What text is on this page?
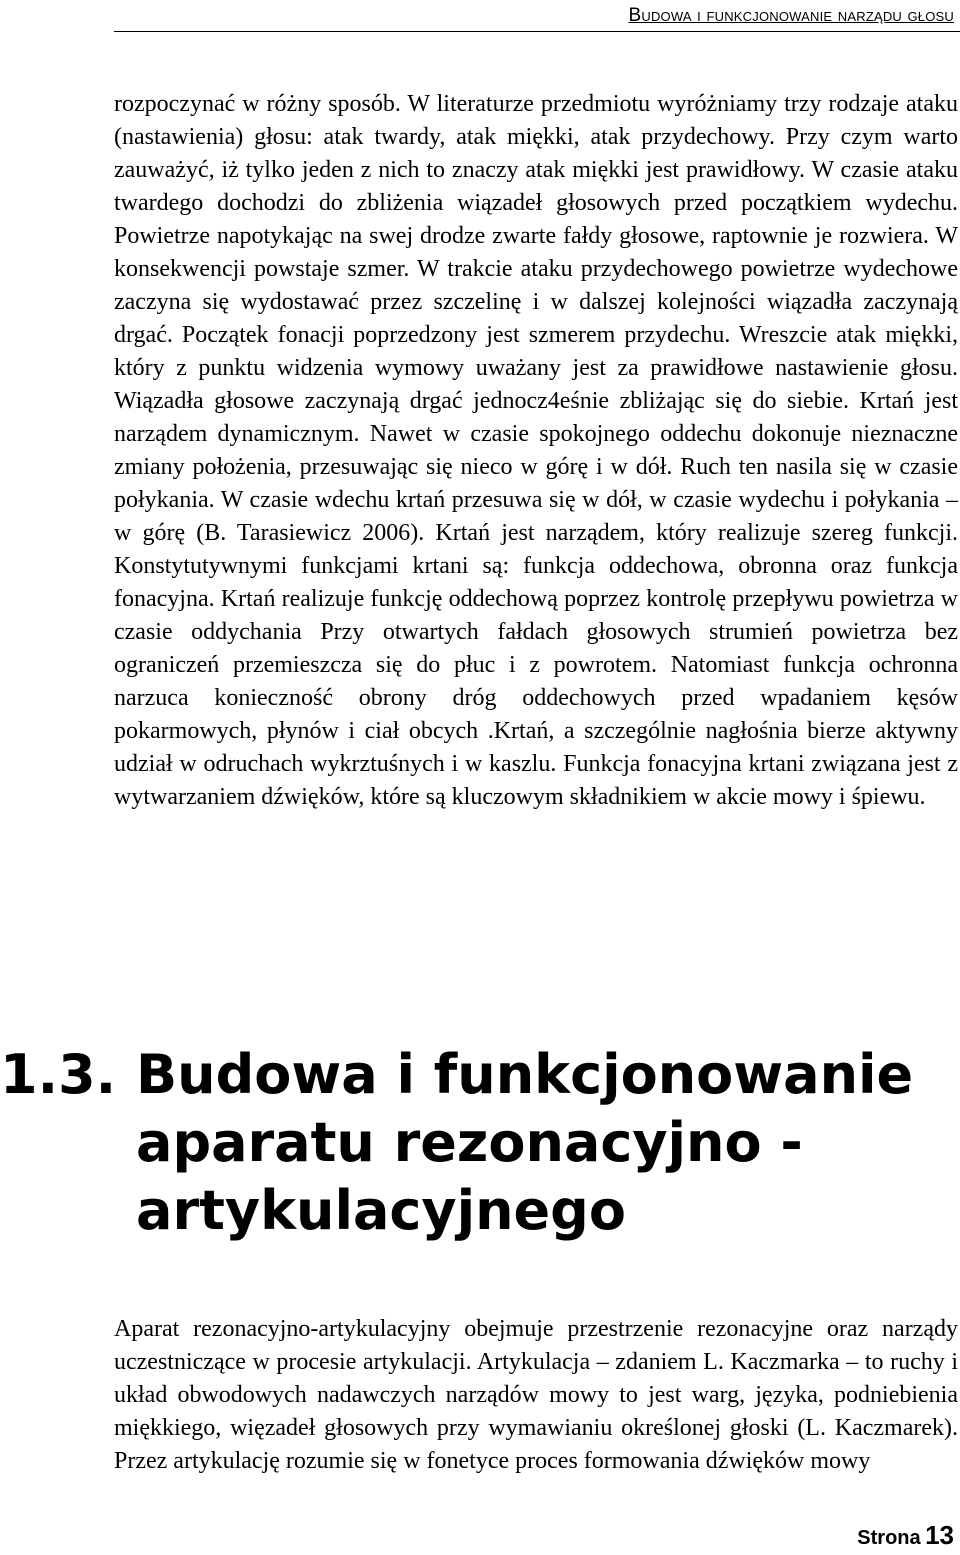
Budowa i funkcjonowanie narządu głosu

rozpoczynać w różny sposób. W literaturze przedmiotu wyróżniamy trzy rodzaje ataku (nastawienia) głosu: atak twardy, atak miękki, atak przydechowy. Przy czym warto zauważyć, iż tylko jeden z nich to znaczy atak miękki jest prawidłowy. W czasie ataku twardego dochodzi do zbliżenia wiązadeł głosowych przed początkiem wydechu. Powietrze napotykając na swej drodze zwarte fałdy głosowe, raptownie je rozwiera. W konsekwencji powstaje szmer. W trakcie ataku przydechowego powietrze wydechowe zaczyna się wydostawać przez szczelinę i w dalszej kolejności wiązadła zaczynają drgać. Początek fonacji poprzedzony jest szmerem przydechu. Wreszcie atak miękki, który z punktu widzenia wymowy uważany jest za prawidłowe nastawienie głosu. Wiązadła głosowe zaczynają drgać jednocz4eśnie zbliżając się do siebie. Krtań jest narządem dynamicznym. Nawet w czasie spokojnego oddechu dokonuje nieznaczne zmiany położenia, przesuwając się nieco w górę i w dół. Ruch ten nasila się w czasie połykania. W czasie wdechu krtań przesuwa się w dół, w czasie wydechu i połykania – w górę (B. Tarasiewicz 2006). Krtań jest narządem, który realizuje szereg funkcji. Konstytutywnymi funkcjami krtani są: funkcja oddechowa, obronna oraz funkcja fonacyjna. Krtań realizuje funkcję oddechową poprzez kontrolę przepływu powietrza w czasie oddychania Przy otwartych fałdach głosowych strumień powietrza bez ograniczeń przemieszcza się do płuc i z powrotem. Natomiast funkcja ochronna narzuca konieczność obrony dróg oddechowych przed wpadaniem kęsów pokarmowych, płynów i ciał obcych .Krtań, a szczególnie nagłośnia bierze aktywny udział w odruchach wykrztuśnych i w kaszlu. Funkcja fonacyjna krtani związana jest z wytwarzaniem dźwięków, które są kluczowym składnikiem w akcie mowy i śpiewu.

1.3. Budowa i funkcjonowanie
aparatu rezonacyjno -
artykulacyjnego

Aparat rezonacyjno-artykulacyjny obejmuje przestrzenie rezonacyjne oraz narządy uczestniczące w procesie artykulacji. Artykulacja – zdaniem L. Kaczmarka – to ruchy i układ obwodowych nadawczych narządów mowy to jest warg, języka, podniebienia miękkiego, więzadeł głosowych przy wymawianiu określonej głoski (L. Kaczmarek). Przez artykulację rozumie się w fonetyce proces formowania dźwięków mowy

Strona 13
